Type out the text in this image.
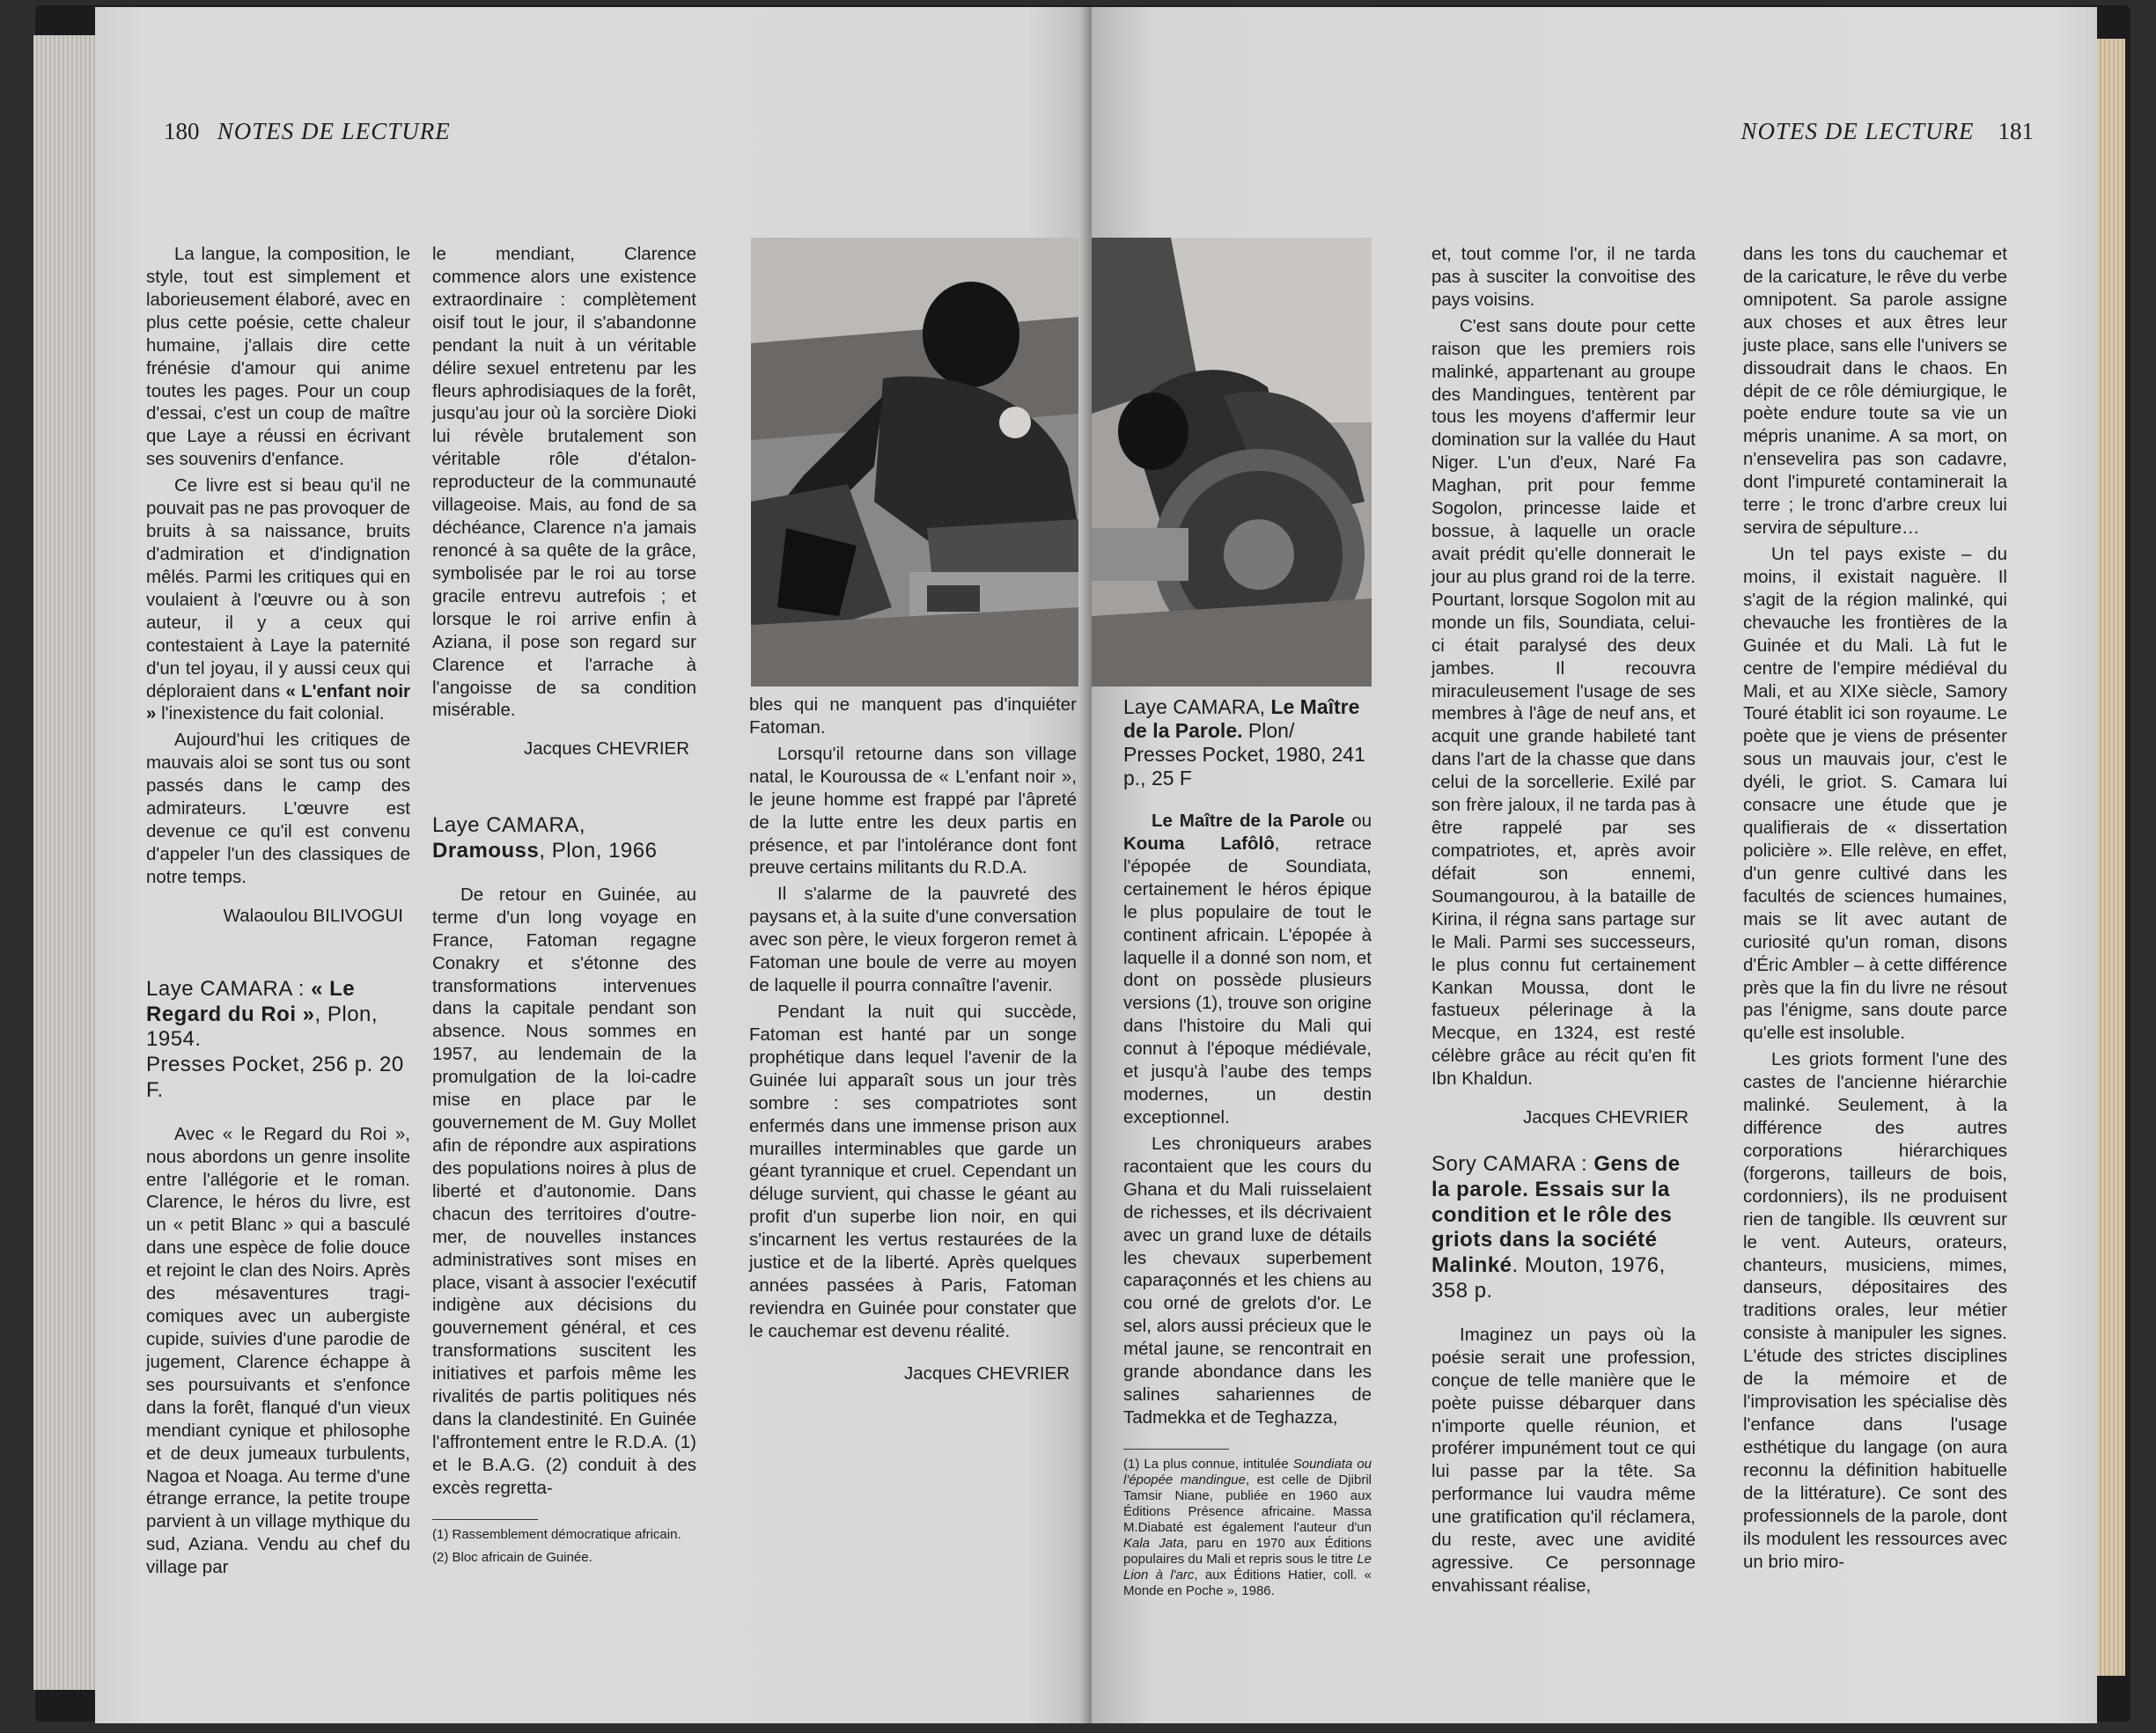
180 NOTES DE LECTURE

La langue, la composition, le style, tout est simplement et laborieusement élaboré, avec en plus cette poésie, cette chaleur humaine, j'allais dire cette frénésie d'amour qui anime toutes les pages. Pour un coup d'essai, c'est un coup de maître que Laye a réussi en écrivant ses souvenirs d'enfance.

Ce livre est si beau qu'il ne pouvait pas ne pas provoquer de bruits à sa naissance, bruits d'admiration et d'indignation mêlés. Parmi les critiques qui en voulaient à l'œuvre ou à son auteur, il y a ceux qui contestaient à Laye la paternité d'un tel joyau, il y aussi ceux qui déploraient dans « L'enfant noir » l'inexistence du fait colonial.

Aujourd'hui les critiques de mauvais aloi se sont tus ou sont passés dans le camp des admirateurs. L'œuvre est devenue ce qu'il est convenu d'appeler l'un des classiques de notre temps.

Walaoulou BILIVOGUI

Laye CAMARA : « Le Regard du Roi », Plon, 1954.
Presses Pocket, 256 p. 20 F.

Avec « le Regard du Roi », nous abordons un genre insolite entre l'allégorie et le roman. Clarence, le héros du livre, est un « petit Blanc » qui a basculé dans une espèce de folie douce et rejoint le clan des Noirs. Après des mésaventures tragi-comiques avec un aubergiste cupide, suivies d'une parodie de jugement, Clarence échappe à ses poursuivants et s'enfonce dans la forêt, flanqué d'un vieux mendiant cynique et philosophe et de deux jumeaux turbulents, Nagoa et Noaga. Au terme d'une étrange errance, la petite troupe parvient à un village mythique du sud, Aziana. Vendu au chef du village par

le mendiant, Clarence commence alors une existence extraordinaire : complètement oisif tout le jour, il s'abandonne pendant la nuit à un véritable délire sexuel entretenu par les fleurs aphrodisiaques de la forêt, jusqu'au jour où la sorcière Dioki lui révèle brutalement son véritable rôle d'étalon-reproducteur de la communauté villageoise. Mais, au fond de sa déchéance, Clarence n'a jamais renoncé à sa quête de la grâce, symbolisée par le roi au torse gracile entrevu autrefois ; et lorsque le roi arrive enfin à Aziana, il pose son regard sur Clarence et l'arrache à l'angoisse de sa condition misérable.

Jacques CHEVRIER

Laye CAMARA, Dramouss, Plon, 1966

De retour en Guinée, au terme d'un long voyage en France, Fatoman regagne Conakry et s'étonne des transformations intervenues dans la capitale pendant son absence. Nous sommes en 1957, au lendemain de la promulgation de la loi-cadre mise en place par le gouvernement de M. Guy Mollet afin de répondre aux aspirations des populations noires à plus de liberté et d'autonomie. Dans chacun des territoires d'outre-mer, de nouvelles instances administratives sont mises en place, visant à associer l'exécutif indigène aux décisions du gouvernement général, et ces transformations suscitent les initiatives et parfois même les rivalités de partis politiques nés dans la clandestinité. En Guinée l'affrontement entre le R.D.A. (1) et le B.A.G. (2) conduit à des excès regretta-

(1) Rassemblement démocratique africain.

(2) Bloc africain de Guinée.

bles qui ne manquent pas d'inquiéter Fatoman.

Lorsqu'il retourne dans son village natal, le Kouroussa de « L'enfant noir », le jeune homme est frappé par l'âpreté de la lutte entre les deux partis en présence, et par l'intolérance dont font preuve certains militants du R.D.A.

Il s'alarme de la pauvreté des paysans et, à la suite d'une conversation avec son père, le vieux forgeron remet à Fatoman une boule de verre au moyen de laquelle il pourra connaître l'avenir.

Pendant la nuit qui succède, Fatoman est hanté par un songe prophétique dans lequel l'avenir de la Guinée lui apparaît sous un jour très sombre : ses compatriotes sont enfermés dans une immense prison aux murailles interminables que garde un géant tyrannique et cruel. Cependant un déluge survient, qui chasse le géant au profit d'un superbe lion noir, en qui s'incarnent les vertus restaurées de la justice et de la liberté. Après quelques années passées à Paris, Fatoman reviendra en Guinée pour constater que le cauchemar est devenu réalité.

Jacques CHEVRIER

NOTES DE LECTURE 181
Laye CAMARA, Le Maître de la Parole. Plon/ Presses Pocket, 1980, 241 p., 25 F

Le Maître de la Parole ou Kouma Lafôlô, retrace l'épopée de Soundiata, certainement le héros épique le plus populaire de tout le continent africain. L'épopée à laquelle il a donné son nom, et dont on possède plusieurs versions (1), trouve son origine dans l'histoire du Mali qui connut à l'époque médiévale, et jusqu'à l'aube des temps modernes, un destin exceptionnel.

Les chroniqueurs arabes racontaient que les cours du Ghana et du Mali ruisselaient de richesses, et ils décrivaient avec un grand luxe de détails les chevaux superbement caparaçonnés et les chiens au cou orné de grelots d'or. Le sel, alors aussi précieux que le métal jaune, se rencontrait en grande abondance dans les salines sahariennes de Tadmekka et de Teghazza,

(1) La plus connue, intitulée Soundiata ou l'épopée mandingue, est celle de Djibril Tamsir Niane, publiée en 1960 aux Éditions Présence africaine. Massa M.Diabaté est également l'auteur d'un Kala Jata, paru en 1970 aux Éditions populaires du Mali et repris sous le titre Le Lion à l'arc, aux Éditions Hatier, coll. « Monde en Poche », 1986.

et, tout comme l'or, il ne tarda pas à susciter la convoitise des pays voisins.

C'est sans doute pour cette raison que les premiers rois malinké, appartenant au groupe des Mandingues, tentèrent par tous les moyens d'affermir leur domination sur la vallée du Haut Niger. L'un d'eux, Naré Fa Maghan, prit pour femme Sogolon, princesse laide et bossue, à laquelle un oracle avait prédit qu'elle donnerait le jour au plus grand roi de la terre. Pourtant, lorsque Sogolon mit au monde un fils, Soundiata, celui-ci était paralysé des deux jambes. Il recouvra miraculeusement l'usage de ses membres à l'âge de neuf ans, et acquit une grande habileté tant dans l'art de la chasse que dans celui de la sorcellerie. Exilé par son frère jaloux, il ne tarda pas à être rappelé par ses compatriotes, et, après avoir défait son ennemi, Soumangourou, à la bataille de Kirina, il régna sans partage sur le Mali. Parmi ses successeurs, le plus connu fut certainement Kankan Moussa, dont le fastueux pélerinage à la Mecque, en 1324, est resté célèbre grâce au récit qu'en fit Ibn Khaldun.

Jacques CHEVRIER

Sory CAMARA : Gens de la parole. Essais sur la condition et le rôle des griots dans la société Malinké. Mouton, 1976, 358 p.

Imaginez un pays où la poésie serait une profession, conçue de telle manière que le poète puisse débarquer dans n'importe quelle réunion, et proférer impunément tout ce qui lui passe par la tête. Sa performance lui vaudra même une gratification qu'il réclamera, du reste, avec une avidité agressive. Ce personnage envahissant réalise,

dans les tons du cauchemar et de la caricature, le rêve du verbe omnipotent. Sa parole assigne aux choses et aux êtres leur juste place, sans elle l'univers se dissoudrait dans le chaos. En dépit de ce rôle démiurgique, le poète endure toute sa vie un mépris unanime. A sa mort, on n'ensevelira pas son cadavre, dont l'impureté contaminerait la terre ; le tronc d'arbre creux lui servira de sépulture…

Un tel pays existe – du moins, il existait naguère. Il s'agit de la région malinké, qui chevauche les frontières de la Guinée et du Mali. Là fut le centre de l'empire médiéval du Mali, et au XIXe siècle, Samory Touré établit ici son royaume. Le poète que je viens de présenter sous un mauvais jour, c'est le dyéli, le griot. S. Camara lui consacre une étude que je qualifierais de « dissertation policière ». Elle relève, en effet, d'un genre cultivé dans les facultés de sciences humaines, mais se lit avec autant de curiosité qu'un roman, disons d'Éric Ambler – à cette différence près que la fin du livre ne résout pas l'énigme, sans doute parce qu'elle est insoluble.

Les griots forment l'une des castes de l'ancienne hiérarchie malinké. Seulement, à la différence des autres corporations hiérarchiques (forgerons, tailleurs de bois, cordonniers), ils ne produisent rien de tangible. Ils œuvrent sur le vent. Auteurs, orateurs, chanteurs, musiciens, mimes, danseurs, dépositaires des traditions orales, leur métier consiste à manipuler les signes. L'étude des strictes disciplines de la mémoire et de l'improvisation les spécialise dès l'enfance dans l'usage esthétique du langage (on aura reconnu la définition habituelle de la littérature). Ce sont des professionnels de la parole, dont ils modulent les ressources avec un brio miro-
